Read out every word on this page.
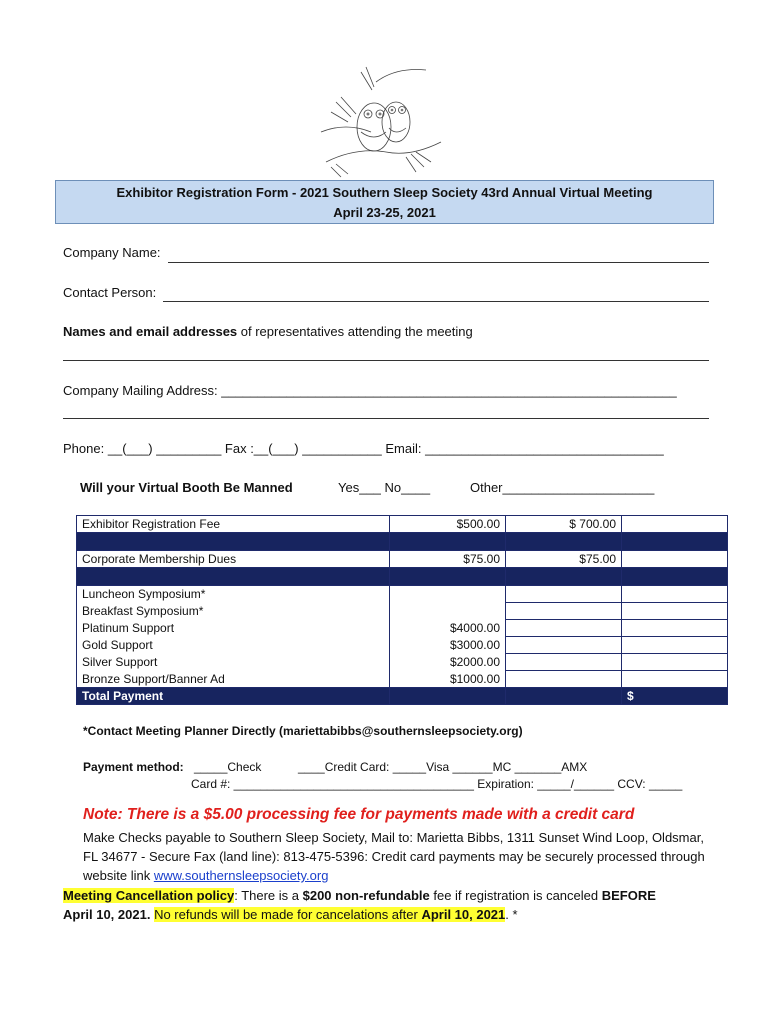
Exhibitor Registration Form - 2021 Southern Sleep Society 43rd Annual Virtual Meeting
April 23-25, 2021
Company Name:
Contact Person:
Names and email addresses of representatives attending the meeting
Company Mailing Address: _______________________________________________________________
Phone: __(___) _________ Fax :__(___) ___________ Email: _________________________________
Will your Virtual Booth Be Manned	Yes___ No____	Other_____________________
Exhibitor Registration Fee	$500.00	$ 700.00	

Corporate Membership Dues	$75.00	$75.00	

Luncheon Symposium*			
Breakfast Symposium*			
Platinum Support	$4000.00		
Gold Support	$3000.00		
Silver Support	$2000.00		
Bronze Support/Banner Ad	$1000.00		
Total Payment			$
*Contact Meeting Planner Directly (mariettabibbs@southernsleepsociety.org)
Payment method: _____Check	____Credit Card: _____Visa ______MC _______AMX
Card #: ____________________________________ Expiration: _____/______ CCV: _____
Note: There is a $5.00 processing fee for payments made with a credit card
Make Checks payable to Southern Sleep Society, Mail to: Marietta Bibbs, 1311 Sunset Wind Loop, Oldsmar, FL 34677 - Secure Fax (land line): 813-475-5396: Credit card payments may be securely processed through website link www.southernsleepsociety.org
Meeting Cancellation policy: There is a $200 non-refundable fee if registration is canceled BEFORE
April 10, 2021. No refunds will be made for cancelations after April 10, 2021. *
